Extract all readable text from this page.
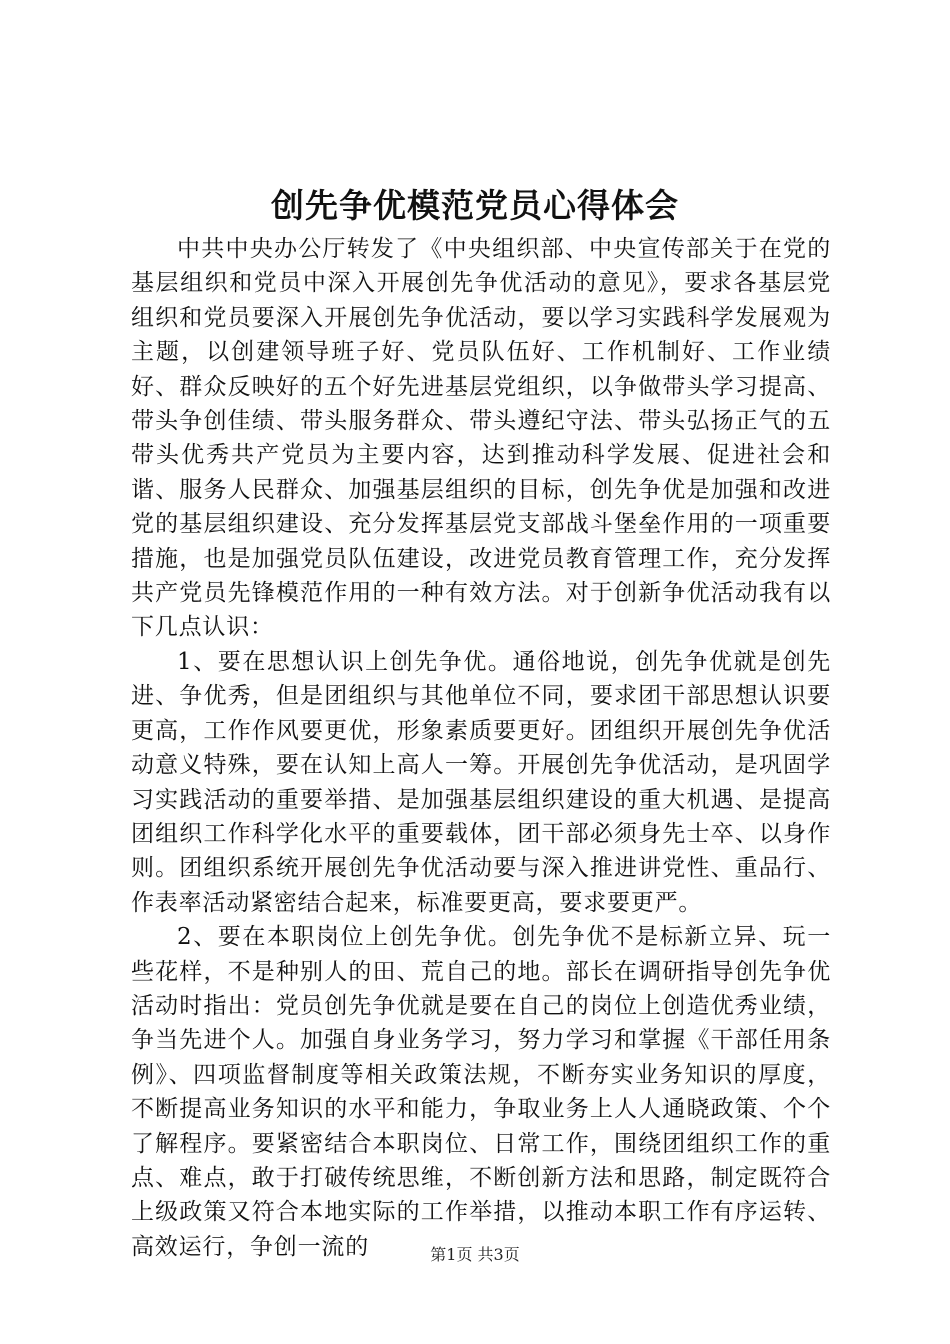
创先争优模范党员心得体会

中共中央办公厅转发了《中央组织部、中央宣传部关于在党的基层组织和党员中深入开展创先争优活动的意见》，要求各基层党组织和党员要深入开展创先争优活动，要以学习实践科学发展观为主题，以创建领导班子好、党员队伍好、工作机制好、工作业绩好、群众反映好的五个好先进基层党组织，以争做带头学习提高、带头争创佳绩、带头服务群众、带头遵纪守法、带头弘扬正气的五带头优秀共产党员为主要内容，达到推动科学发展、促进社会和谐、服务人民群众、加强基层组织的目标，创先争优是加强和改进党的基层组织建设、充分发挥基层党支部战斗堡垒作用的一项重要措施，也是加强党员队伍建设，改进党员教育管理工作，充分发挥共产党员先锋模范作用的一种有效方法。对于创新争优活动我有以下几点认识：

1、要在思想认识上创先争优。通俗地说，创先争优就是创先进、争优秀，但是团组织与其他单位不同，要求团干部思想认识要更高，工作作风要更优，形象素质要更好。团组织开展创先争优活动意义特殊，要在认知上高人一筹。开展创先争优活动，是巩固学习实践活动的重要举措、是加强基层组织建设的重大机遇、是提高团组织工作科学化水平的重要载体，团干部必须身先士卒、以身作则。团组织系统开展创先争优活动要与深入推进讲党性、重品行、作表率活动紧密结合起来，标准要更高，要求要更严。

2、要在本职岗位上创先争优。创先争优不是标新立异、玩一些花样，不是种别人的田、荒自己的地。部长在调研指导创先争优活动时指出：党员创先争优就是要在自己的岗位上创造优秀业绩，争当先进个人。加强自身业务学习，努力学习和掌握《干部任用条例》、四项监督制度等相关政策法规，不断夯实业务知识的厚度，不断提高业务知识的水平和能力，争取业务上人人通晓政策、个个了解程序。要紧密结合本职岗位、日常工作，围绕团组织工作的重点、难点，敢于打破传统思维，不断创新方法和思路，制定既符合上级政策又符合本地实际的工作举措，以推动本职工作有序运转、高效运行，争创一流的	第1页 共3页
